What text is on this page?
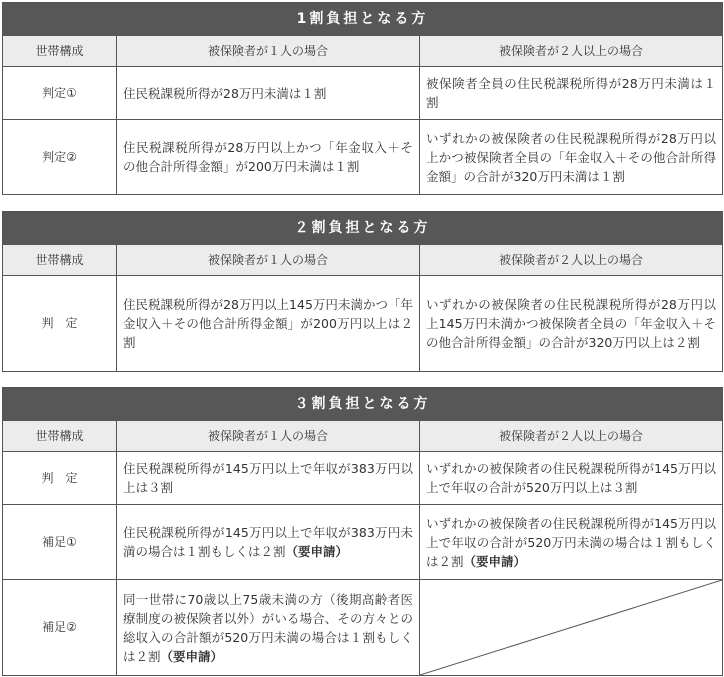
1割負担となる方		
世帯構成	被保険者が１人の場合	被保険者が２人以上の場合
判定①	住民税課税所得が28万円未満は１割	被保険者全員の住民税課税所得が28万円未満は１割
判定②	住民税課税所得が28万円以上かつ「年金収入＋その他合計所得金額」が200万円未満は１割	いずれかの被保険者の住民税課税所得が28万円以上かつ被保険者全員の「年金収入＋その他合計所得金額」の合計が320万円未満は１割
２割負担となる方		
世帯構成	被保険者が１人の場合	被保険者が２人以上の場合
判　定	住民税課税所得が28万円以上145万円未満かつ「年金収入＋その他合計所得金額」が200万円以上は２割	いずれかの被保険者の住民税課税所得が28万円以上145万円未満かつ被保険者全員の「年金収入＋その他合計所得金額」の合計が320万円以上は２割
３割負担となる方		
世帯構成	被保険者が１人の場合	被保険者が２人以上の場合
判　定	住民税課税所得が145万円以上で年収が383万円以上は３割	いずれかの被保険者の住民税課税所得が145万円以上で年収の合計が520万円以上は３割
補足①	住民税課税所得が145万円以上で年収が383万円未満の場合は１割もしくは２割（要申請）	いずれかの被保険者の住民税課税所得が145万円以上で年収の合計が520万円未満の場合は１割もしくは２割（要申請）
補足②	同一世帯に70歳以上75歳未満の方（後期高齢者医療制度の被保険者以外）がいる場合、その方々との総収入の合計額が520万円未満の場合は１割もしくは２割（要申請）	
